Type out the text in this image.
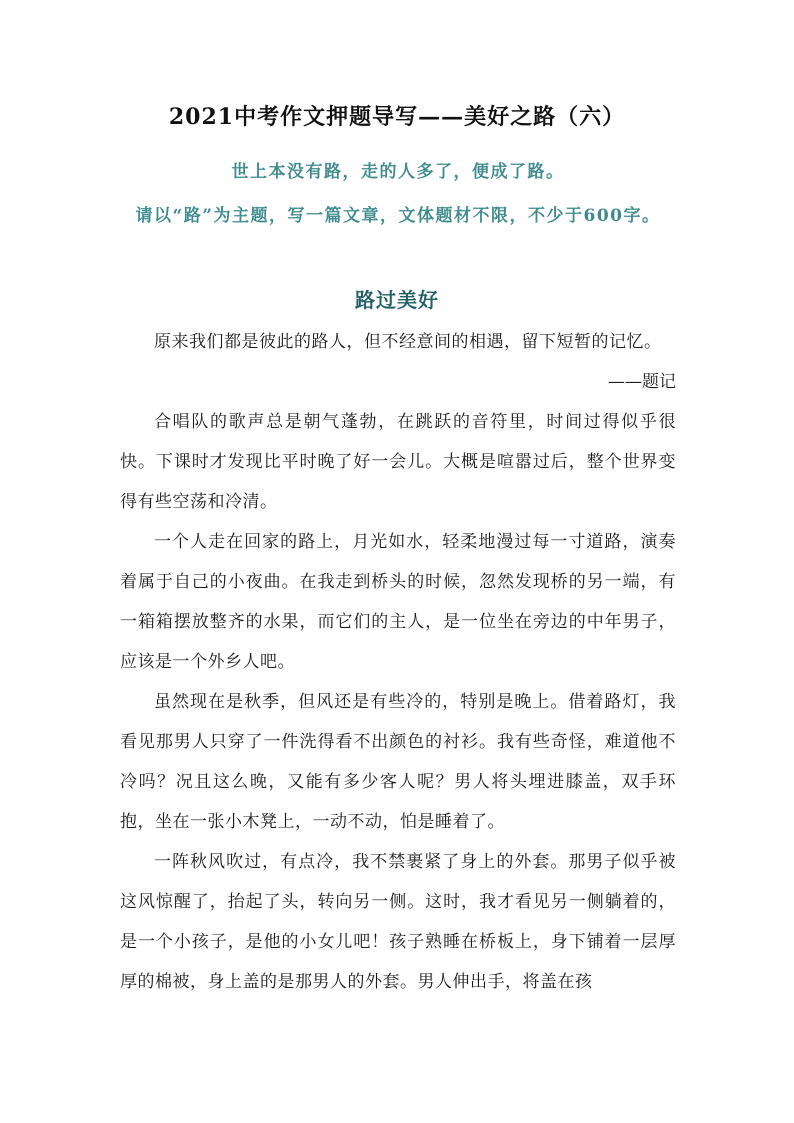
2021中考作文押题导写——美好之路（六）
世上本没有路，走的人多了，便成了路。
请以“路”为主题，写一篇文章，文体题材不限，不少于600字。
路过美好

原来我们都是彼此的路人，但不经意间的相遇，留下短暂的记忆。

——题记

合唱队的歌声总是朝气蓬勃，在跳跃的音符里，时间过得似乎很快。下课时才发现比平时晚了好一会儿。大概是喧嚣过后，整个世界变得有些空荡和冷清。

一个人走在回家的路上，月光如水，轻柔地漫过每一寸道路，演奏着属于自己的小夜曲。在我走到桥头的时候，忽然发现桥的另一端，有一箱箱摆放整齐的水果，而它们的主人，是一位坐在旁边的中年男子，应该是一个外乡人吧。

虽然现在是秋季，但风还是有些冷的，特别是晚上。借着路灯，我看见那男人只穿了一件洗得看不出颜色的衬衫。我有些奇怪，难道他不冷吗？况且这么晚，又能有多少客人呢？男人将头埋进膝盖，双手环抱，坐在一张小木凳上，一动不动，怕是睡着了。

一阵秋风吹过，有点冷，我不禁裹紧了身上的外套。那男子似乎被这风惊醒了，抬起了头，转向另一侧。这时，我才看见另一侧躺着的，是一个小孩子，是他的小女儿吧！孩子熟睡在桥板上，身下铺着一层厚厚的棉被，身上盖的是那男人的外套。男人伸出手，将盖在孩
